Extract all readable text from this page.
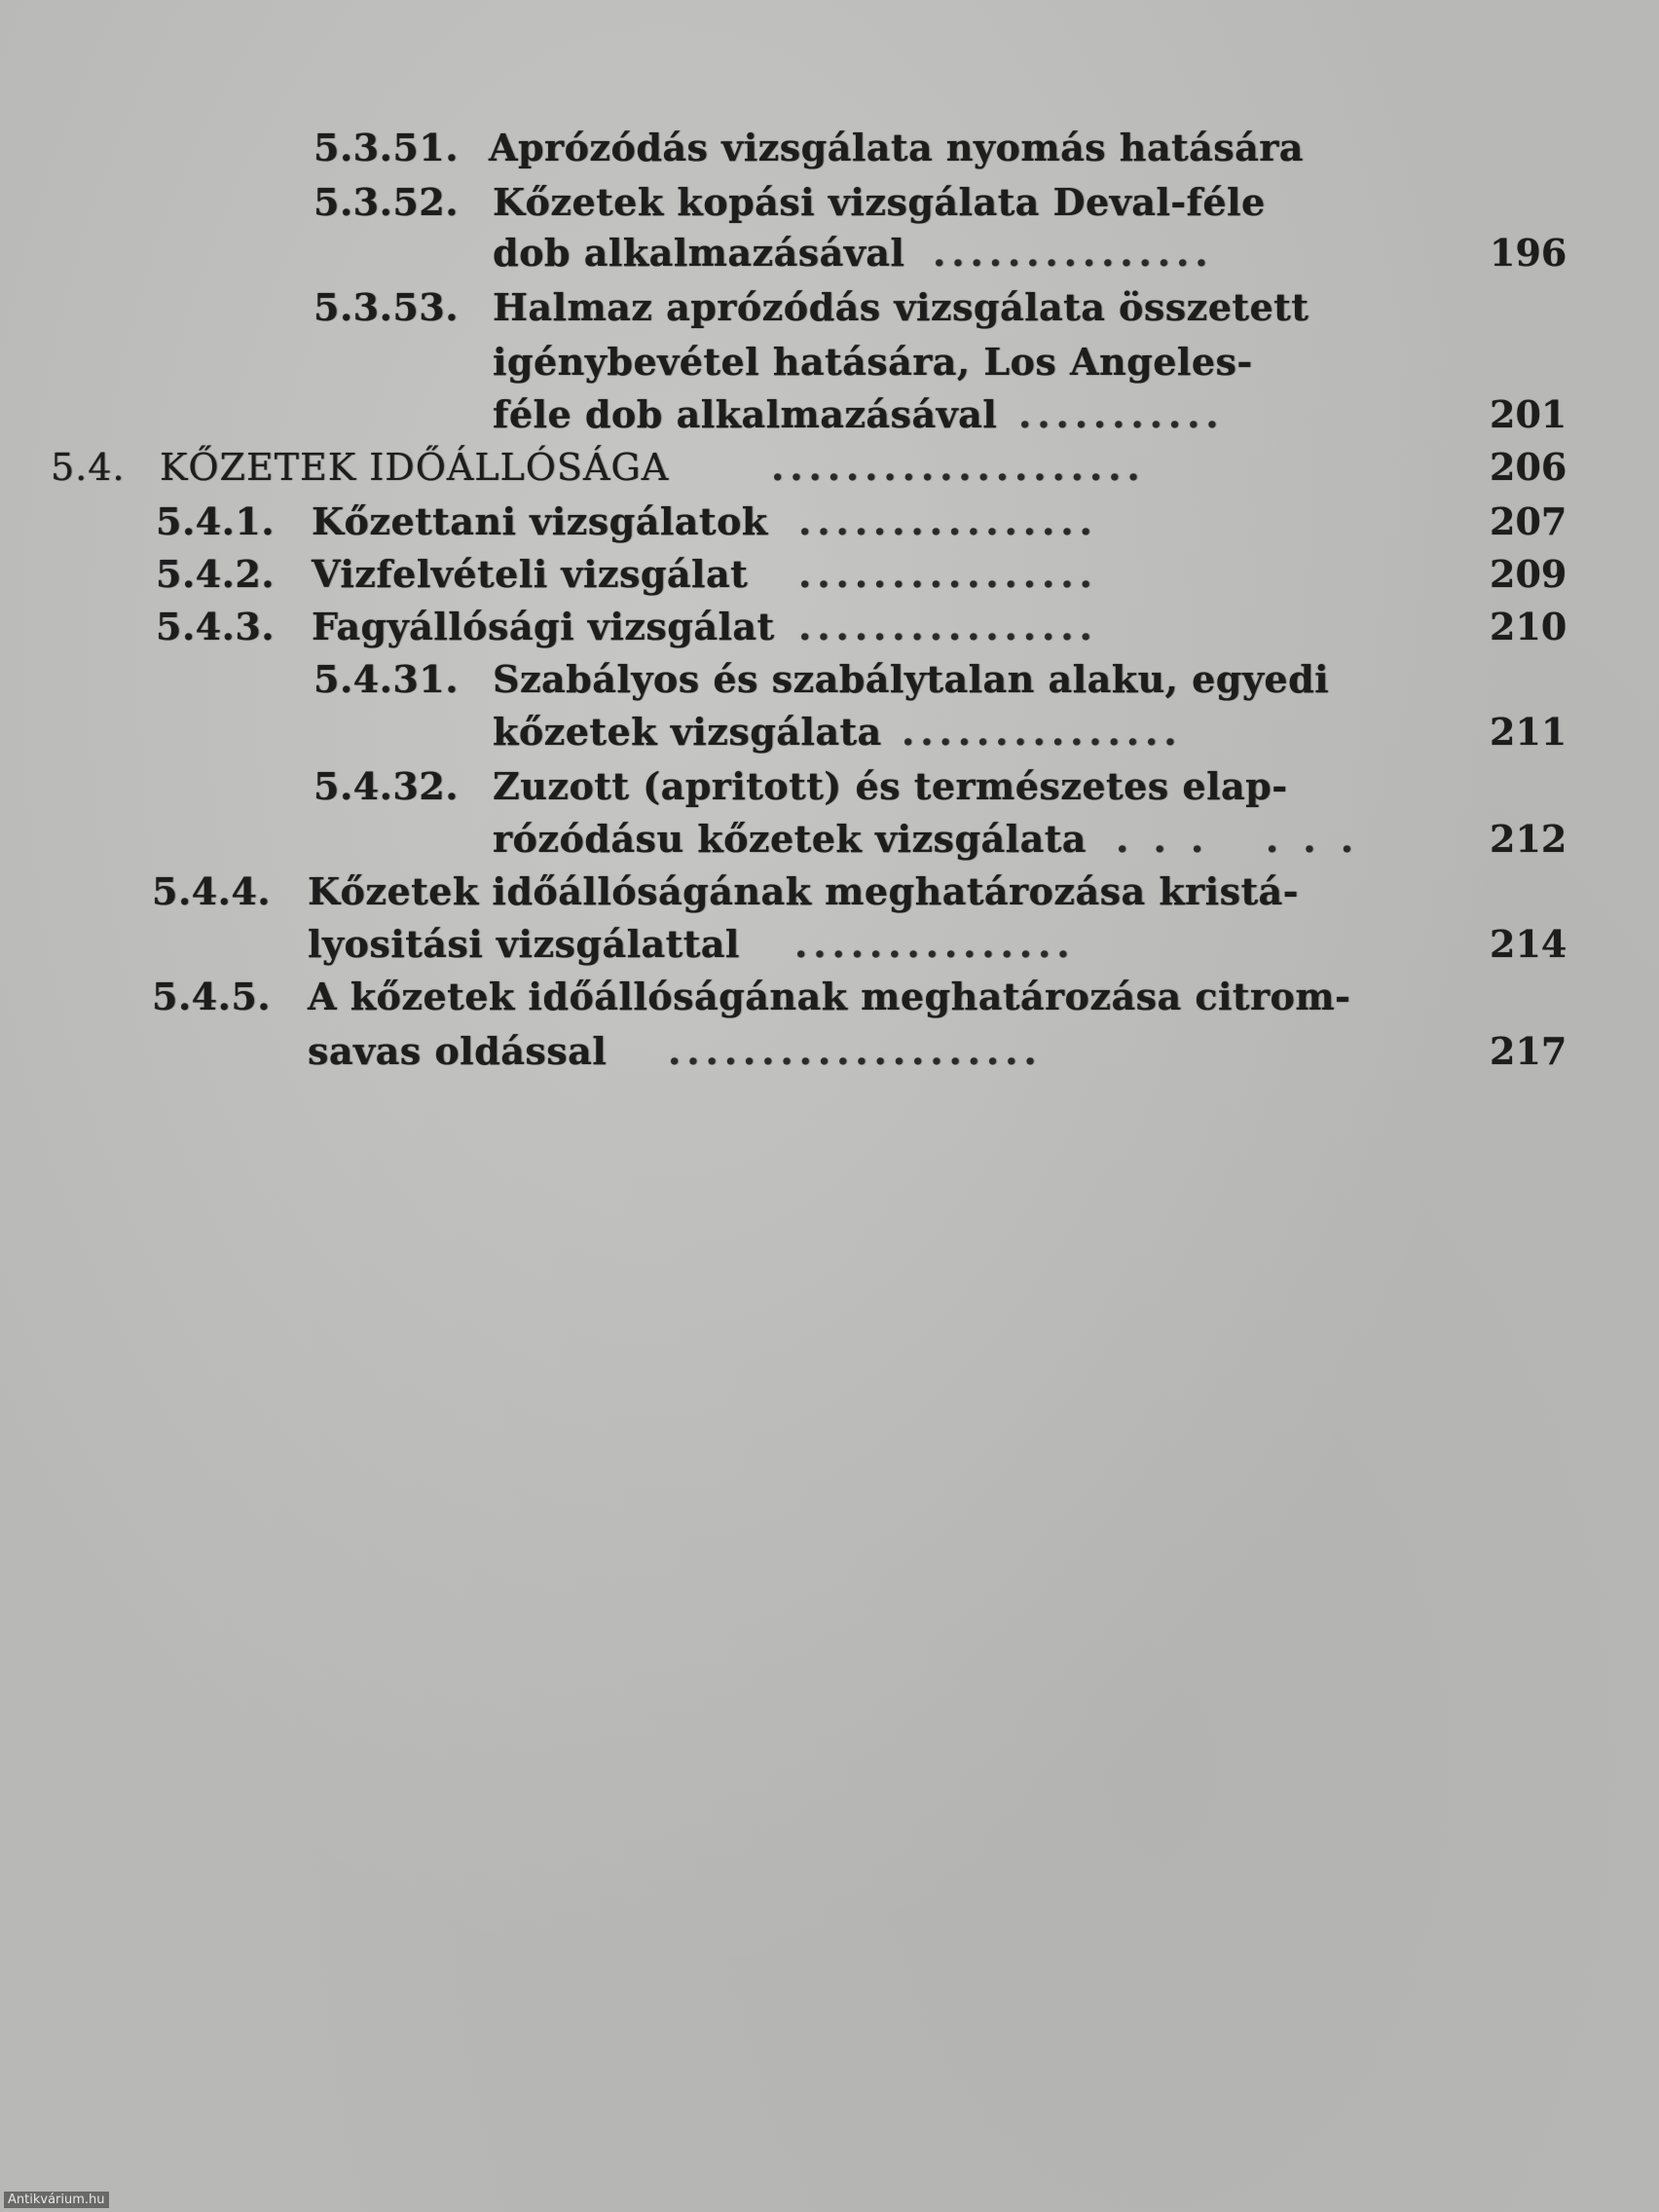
5.3.51. Aprózódás vizsgálata nyomás hatására
5.3.52. Kőzetek kopási vizsgálata Deval-féle
dob alkalmazásával ...............	196
5.3.53. Halmaz aprózódás vizsgálata összetett
igénybevétel hatására, Los Angeles-
féle dob alkalmazásával ...........	201
5.4. KŐZETEK IDŐÁLLÓSÁGA	....................	206
5.4.1. Kőzettani vizsgálatok ................	207
5.4.2. Vizfelvételi vizsgálat ................	209
5.4.3. Fagyállósági vizsgálat ................	210
5.4.31. Szabályos és szabálytalan alaku, egyedi
kőzetek vizsgálata ...............	211
5.4.32. Zuzott (apritott) és természetes elap-
rózódásu kőzetek vizsgálata . . .   . . .	212
5.4.4. Kőzetek időállóságának meghatározása kristá-
lyositási vizsgálattal ...............	214
5.4.5. A kőzetek időállóságának meghatározása citrom-
savas oldással ....................	217
Antikvárium.hu
